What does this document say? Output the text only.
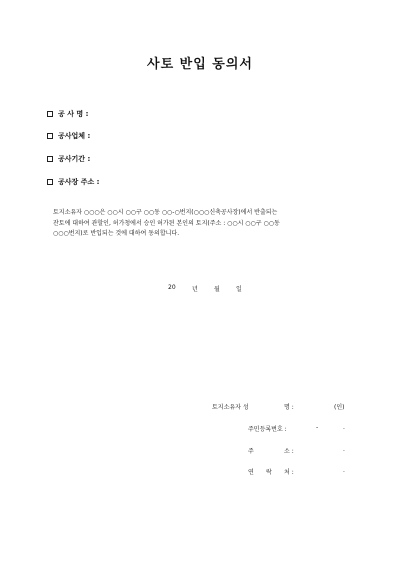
사토 반입 동의서
공 사 명 :
공사업체 :
공사기간 :
공사장 주소 :
토지소유자 ○○○은 ○○시 ○○구 ○○동 ○○-○번지(○○○신축공사장)에서 반출되는
잔토에 대하여 관할인, 허가청에서 승인 허가된 본인의 토지(주소 : ○○시 ○○구 ○○동
○○○번지)로 반입되는 것에 대하여 동의합니다.
20	년	월	일
토지소유자 성	명 :	(인)
주민등록번호 :	-	.
주	소 :	.
연 락 처 :	.
